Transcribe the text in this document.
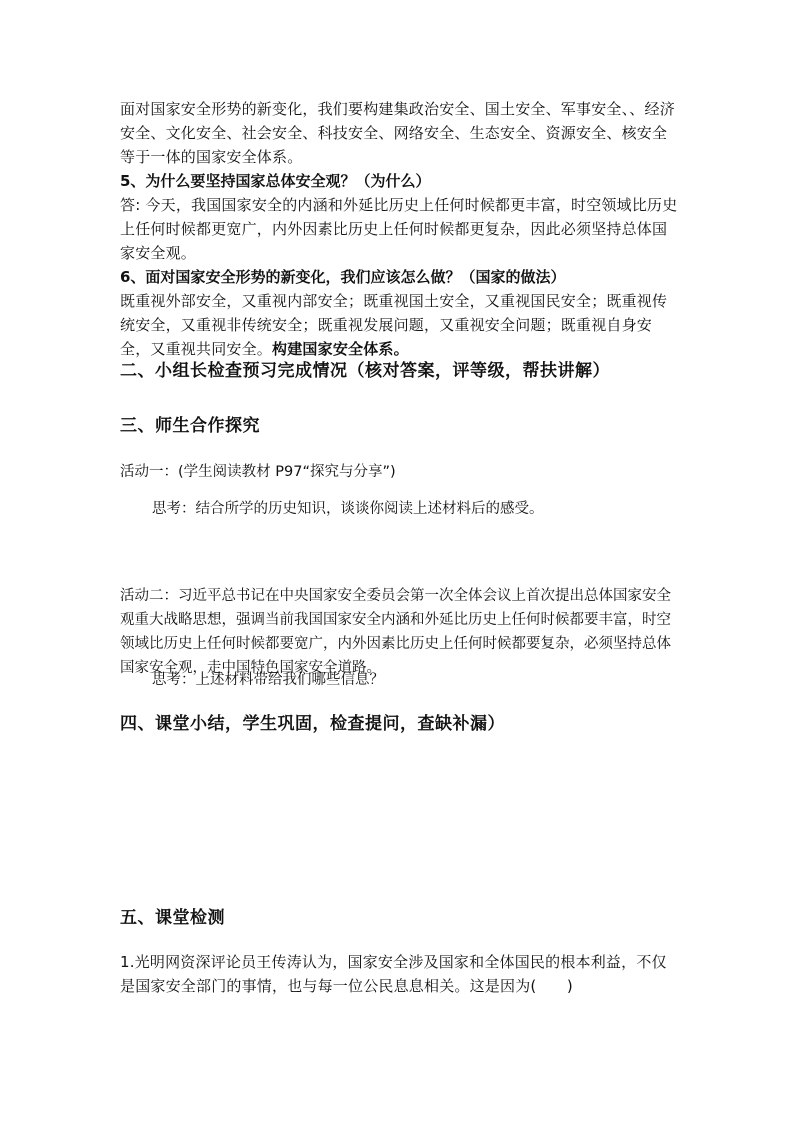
面对国家安全形势的新变化，我们要构建集政治安全、国土安全、军事安全、、经济安全、文化安全、社会安全、科技安全、网络安全、生态安全、资源安全、核安全等于一体的国家安全体系。

5、为什么要坚持国家总体安全观？（为什么）

答: 今天，我国国家安全的内涵和外延比历史上任何时候都更丰富，时空领域比历史上任何时候都更宽广，内外因素比历史上任何时候都更复杂，因此必须坚持总体国家安全观。

6、面对国家安全形势的新变化，我们应该怎么做？（国家的做法）

既重视外部安全，又重视内部安全；既重视国土安全，又重视国民安全；既重视传统安全，又重视非传统安全；既重视发展问题，又重视安全问题；既重视自身安全，又重视共同安全。构建国家安全体系。

二、小组长检查预习完成情况（核对答案，评等级，帮扶讲解）
三、师生合作探究

活动一：(学生阅读教材 P97“探究与分享”)

思考：结合所学的历史知识，谈谈你阅读上述材料后的感受。

活动二：习近平总书记在中央国家安全委员会第一次全体会议上首次提出总体国家安全观重大战略思想，强调当前我国国家安全内涵和外延比历史上任何时候都要丰富，时空领域比历史上任何时候都要宽广，内外因素比历史上任何时候都要复杂，必须坚持总体国家安全观，走中国特色国家安全道路。

思考：上述材料带给我们哪些信息？

四、课堂小结，学生巩固，检查提问，查缺补漏）
五、课堂检测

1.光明网资深评论员王传涛认为，国家安全涉及国家和全体国民的根本利益，不仅是国家安全部门的事情，也与每一位公民息息相关。这是因为(　　)
